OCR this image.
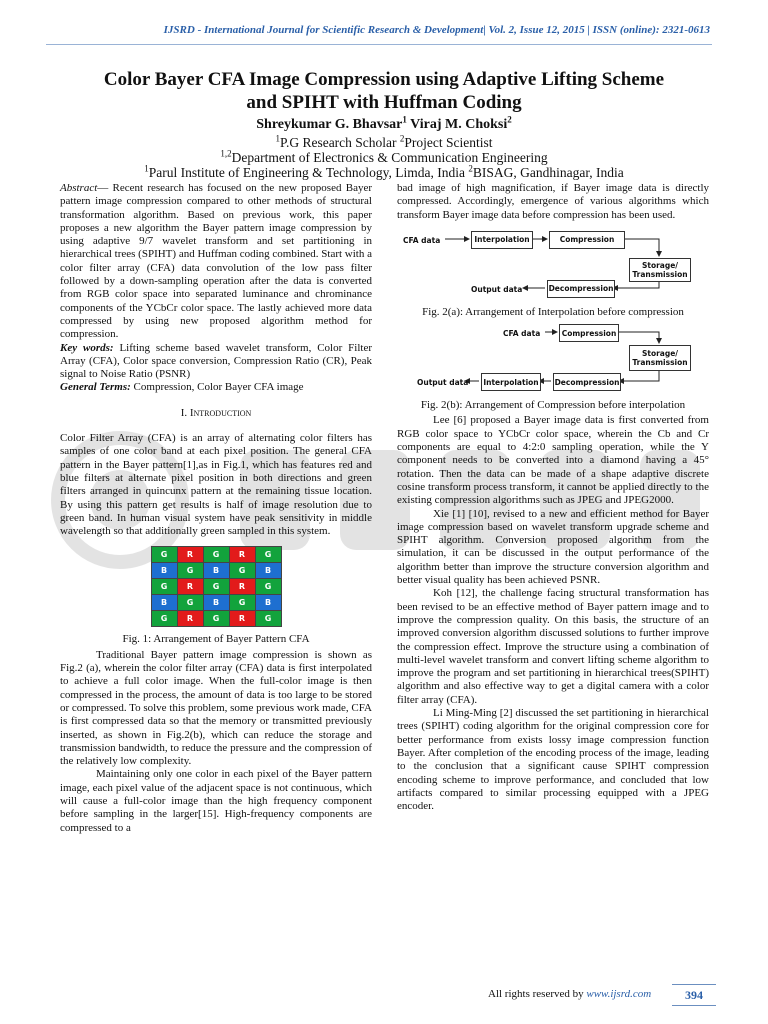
IJSRD - International Journal for Scientific Research & Development| Vol. 2, Issue 12, 2015 | ISSN (online): 2321-0613
Color Bayer CFA Image Compression using Adaptive Lifting Scheme
and SPIHT with Huffman Coding
Shreykumar G. Bhavsar$^1$ Viraj M. Choksi$^2$
$^1$P.G Research Scholar $^2$Project Scientist
$^{1,2}$Department of Electronics & Communication Engineering
$^1$Parul Institute of Engineering & Technology, Limda, India $^2$BISAG, Gandhinagar, India

Abstract— Recent research has focused on the new proposed Bayer pattern image compression compared to other methods of structural transformation algorithm. Based on previous work, this paper proposes a new algorithm the Bayer pattern image compression by using adaptive 9/7 wavelet transform and set partitioning in hierarchical trees (SPIHT) and Huffman coding combined. Start with a color filter array (CFA) data convolution of the low pass filter followed by a down-sampling operation after the data is converted from RGB color space into separated luminance and chrominance components of the YCbCr color space. The lastly achieved more data compressed by using new proposed algorithm method for compression.

Key words: Lifting scheme based wavelet transform, Color Filter Array (CFA), Color space conversion, Compression Ratio (CR), Peak signal to Noise Ratio (PSNR)

General Terms: Compression, Color Bayer CFA image

I. Introduction

Color Filter Array (CFA) is an array of alternating color filters has samples of one color band at each pixel position. The general CFA pattern in the Bayer pattern[1],as in Fig.1, which has features red and blue filters at alternate pixel position in both directions and green filters arranged in quincunx pattern at the remaining tissue location. By using this pattern get results is half of image resolution due to green band. In human visual system have peak sensitivity in middle wavelength so that additionally green sampled in this system.

G	R	G	R	G
B	G	B	G	B
G	R	G	R	G
B	G	B	G	B
G	R	G	R	G
Fig. 1: Arrangement of Bayer Pattern CFA

Traditional Bayer pattern image compression is shown as Fig.2 (a), wherein the color filter array (CFA) data is first interpolated to achieve a full color image. When the full-color image is then compressed in the process, the amount of data is too large to be stored or compressed. To solve this problem, some previous work made, CFA is first compressed data so that the memory or transmitted previously inserted, as shown in Fig.2(b), which can reduce the storage and transmission bandwidth, to reduce the pressure and the compression of the relatively low complexity.

Maintaining only one color in each pixel of the Bayer pattern image, each pixel value of the adjacent space is not continuous, which will cause a full-color image than the high frequency component before sampling in the larger[15]. High-frequency components are compressed to a

bad image of high magnification, if Bayer image data is directly compressed. Accordingly, emergence of various algorithms which transform Bayer image data before compression has been used.

CFA data	Interpolation	Compression
Storage/
Transmission
Decompression
Output data
Fig. 2(a): Arrangement of Interpolation before compression
CFA data	Compression
Storage/
Transmission
Decompression
Interpolation
Output data
Fig. 2(b): Arrangement of Compression before interpolation

Lee [6] proposed a Bayer image data is first converted from RGB color space to YCbCr color space, wherein the Cb and Cr components are equal to 4:2:0 sampling operation, while the Y component needs to be converted into a diamond having a 45° rotation. Then the data can be made of a shape adaptive discrete cosine transform process transform, it cannot be applied directly to the existing compression algorithms such as JPEG and JPEG2000.

Xie [1] [10], revised to a new and efficient method for Bayer image compression based on wavelet transform upgrade scheme and SPIHT algorithm. Conversion proposed algorithm from the simulation, it can be discussed in the output performance of the algorithm better than improve the structure conversion algorithm and better visual quality has been achieved PSNR.

Koh [12], the challenge facing structural transformation has been revised to be an effective method of Bayer pattern image and to improve the compression quality. On this basis, the structure of an improved conversion algorithm discussed solutions to further improve the compression effect. Improve the structure using a combination of multi-level wavelet transform and convert lifting scheme algorithm to improve the program and set partitioning in hierarchical trees(SPIHT) algorithm and also effective way to get a digital camera with a color filter array (CFA).

Li Ming-Ming [2] discussed the set partitioning in hierarchical trees (SPIHT) coding algorithm for the original compression core for better performance from exists lossy image compression function Bayer. After completion of the encoding process of the image, leading to the conclusion that a significant cause SPIHT compression encoding scheme to improve performance, and concluded that low artifacts compared to similar processing equipped with a JPEG encoder.

All rights reserved by www.ijsrd.com	394
